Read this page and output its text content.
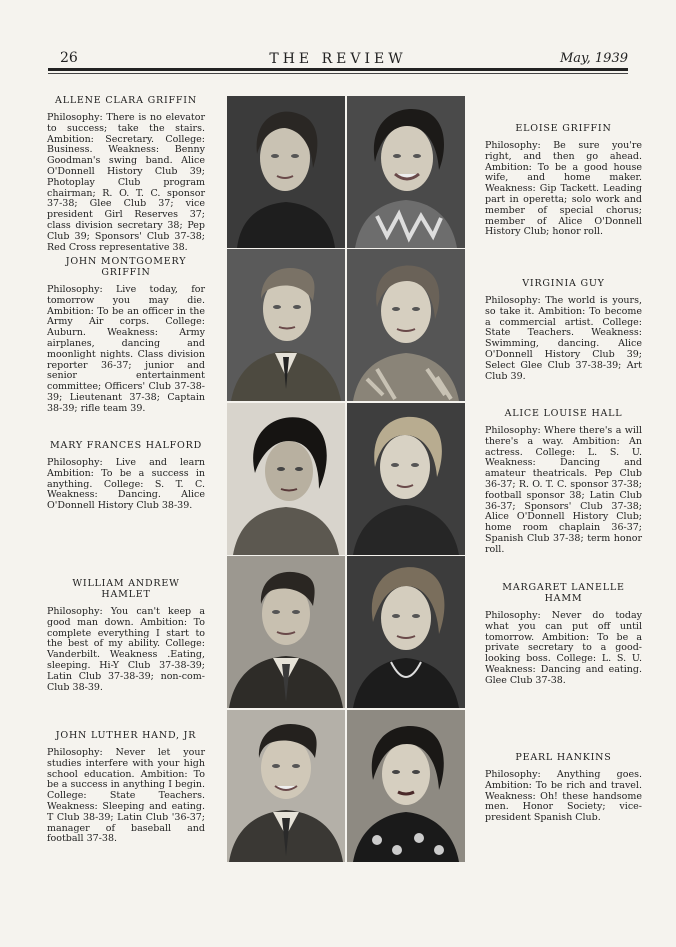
26	THE REVIEW	May, 1939
ALLENE CLARA GRIFFIN
Philosophy: There is no elevator to success; take the stairs. Ambition: Secretary. College: Business. Weakness: Benny Goodman's swing band. Alice O'Donnell History Club 39; Photoplay Club program chairman; R. O. T. C. sponsor 37-38; Glee Club 37; vice president Girl Reserves 37; class division secretary 38; Pep Club 39; Sponsors' Club 37-38; Red Cross representative 38.
JOHN MONTGOMERY GRIFFIN
Philosophy: Live today, for tomorrow you may die. Ambition: To be an officer in the Army Air corps. College: Auburn. Weakness: Army airplanes, dancing and moonlight nights. Class division reporter 36-37; junior and senior entertainment committee; Officers' Club 37-38-39; Lieutenant 37-38; Captain 38-39; rifle team 39.
MARY FRANCES HALFORD
Philosophy: Live and learn Ambition: To be a success in anything. College: S. T. C. Weakness: Dancing. Alice O'Donnell History Club 38-39.
WILLIAM ANDREW HAMLET
Philosophy: You can't keep a good man down. Ambition: To complete everything I start to the best of my ability. College: Vanderbilt. Weakness .Eating, sleeping. Hi-Y Club 37-38-39; Latin Club 37-38-39; non-com-Club 38-39.
JOHN LUTHER HAND, JR
Philosophy: Never let your studies interfere with your high school education. Ambition: To be a success in anything I begin. College: State Teachers. Weakness: Sleeping and eating. T Club 38-39; Latin Club '36-37; manager of baseball and football 37-38.
ELOISE GRIFFIN
Philosophy: Be sure you're right, and then go ahead. Ambition: To be a good house wife, and home maker. Weakness: Gip Tackett. Leading part in operetta; solo work and member of special chorus; member of Alice O'Donnell History Club; honor roll.
VIRGINIA GUY
Philosophy: The world is yours, so take it. Ambition: To become a commercial artist. College: State Teachers. Weakness: Swimming, dancing. Alice O'Donnell History Club 39; Select Glee Club 37-38-39; Art Club 39.
ALICE LOUISE HALL
Philosophy: Where there's a will there's a way. Ambition: An actress. College: L. S. U. Weakness: Dancing and amateur theatricals. Pep Club 36-37; R. O. T. C. sponsor 37-38; football sponsor 38; Latin Club 36-37; Sponsors' Club 37-38; Alice O'Donnell History Club; home room chaplain 36-37; Spanish Club 37-38; term honor roll.
MARGARET LANELLE HAMM
Philosophy: Never do today what you can put off until tomorrow. Ambition: To be a private secretary to a good-looking boss. College: L. S. U. Weakness: Dancing and eating. Glee Club 37-38.
PEARL HANKINS
Philosophy: Anything goes. Ambition: To be rich and travel. Weakness: Oh! these handsome men. Honor Society; vice-president Spanish Club.
